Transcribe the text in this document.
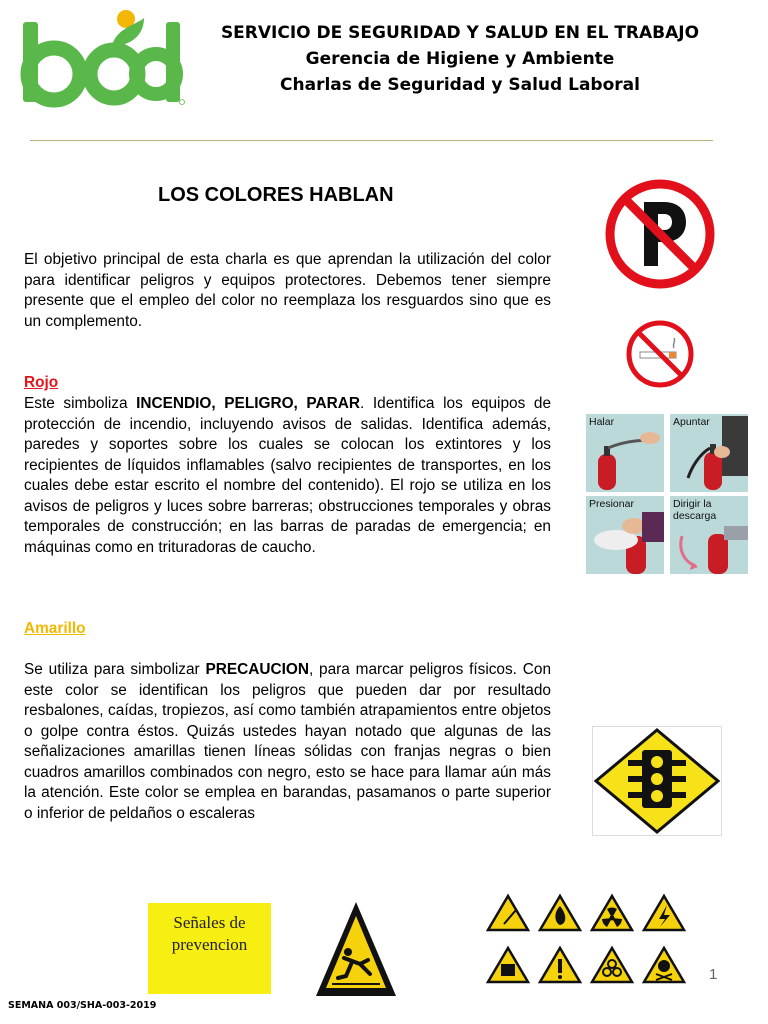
SERVICIO DE SEGURIDAD Y SALUD EN EL TRABAJO
Gerencia de Higiene y Ambiente
Charlas de Seguridad y Salud Laboral
LOS COLORES HABLAN
El objetivo principal de esta charla es que aprendan la utilización del color para identificar peligros y equipos protectores. Debemos tener siempre presente que el empleo del color no reemplaza los resguardos sino que es un complemento.
Rojo
Este simboliza INCENDIO, PELIGRO, PARAR. Identifica los equipos de protección de incendio, incluyendo avisos de salidas. Identifica además, paredes y soportes sobre los cuales se colocan los extintores y los recipientes de líquidos inflamables (salvo recipientes de transportes, en los cuales debe estar escrito el nombre del contenido). El rojo se utiliza en los avisos de peligros y luces sobre barreras; obstrucciones temporales y obras temporales de construcción; en las barras de paradas de emergencia; en máquinas como en trituradoras de caucho.
Amarillo
Se utiliza para simbolizar PRECAUCION, para marcar peligros físicos. Con este color se identifican los peligros que pueden dar por resultado resbalones, caídas, tropiezos, así como también atrapamientos entre objetos o golpe contra éstos. Quizás ustedes hayan notado que algunas de las señalizaciones amarillas tienen líneas sólidas con franjas negras o bien cuadros amarillos combinados con negro, esto se hace para llamar aún más la atención. Este color se emplea en barandas, pasamanos o parte superior o inferior de peldaños o escaleras
Halar	Apuntar
Presionar	Dirigir la descarga
Señales de prevencion
1
SEMANA 003/SHA-003-2019
